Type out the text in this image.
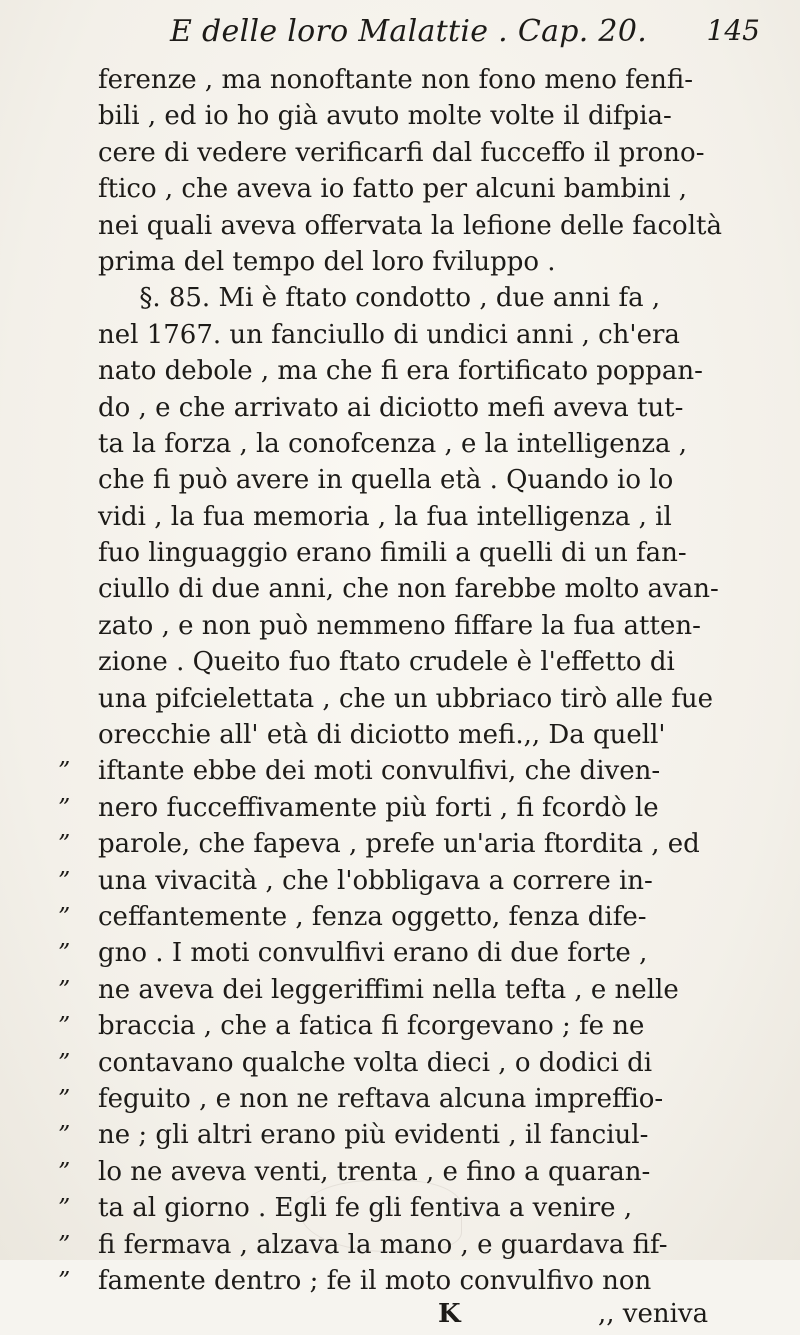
E delle loro Malattie . Cap. 20. 145
ferenze , ma nonoftante non fono meno fenfi-
bili , ed io ho già avuto molte volte il difpia-
cere di vedere verificarfi dal fucceffo il prono-
ftico , che aveva io fatto per alcuni bambini ,
nei quali aveva offervata la lefione delle facoltà
prima del tempo del loro fviluppo .
§. 85. Mi è ftato condotto , due anni fa ,
nel 1767. un fanciullo di undici anni , ch'era
nato debole , ma che fi era fortificato poppan-
do , e che arrivato ai diciotto mefi aveva tut-
ta la forza , la conofcenza , e la intelligenza ,
che fi può avere in quella età . Quando io lo
vidi , la fua memoria , la fua intelligenza , il
fuo linguaggio erano fimili a quelli di un fan-
ciullo di due anni, che non farebbe molto avan-
zato , e non può nemmeno fiffare la fua atten-
zione . Queito fuo ftato crudele è l'effetto di
una pifcielettata , che un ubbriaco tirò alle fue
orecchie all' età di diciotto mefi.,, Da quell'
” iftante ebbe dei moti convulfivi, che diven-
” nero fucceffivamente più forti , fi fcordò le
” parole, che fapeva , prefe un'aria ftordita , ed
” una vivacità , che l'obbligava a correre in-
” ceffantemente , fenza oggetto, fenza dife-
” gno . I moti convulfivi erano di due forte ,
” ne aveva dei leggeriffimi nella tefta , e nelle
” braccia , che a fatica fi fcorgevano ; fe ne
” contavano qualche volta dieci , o dodici di
” feguito , e non ne reftava alcuna impreffio-
” ne ; gli altri erano più evidenti , il fanciul-
” lo ne aveva venti, trenta , e fino a quaran-
” ta al giorno . Egli fe gli fentiva a venire ,
” fi fermava , alzava la mano , e guardava fif-
” famente dentro ; fe il moto convulfivo non
K	,, veniva
